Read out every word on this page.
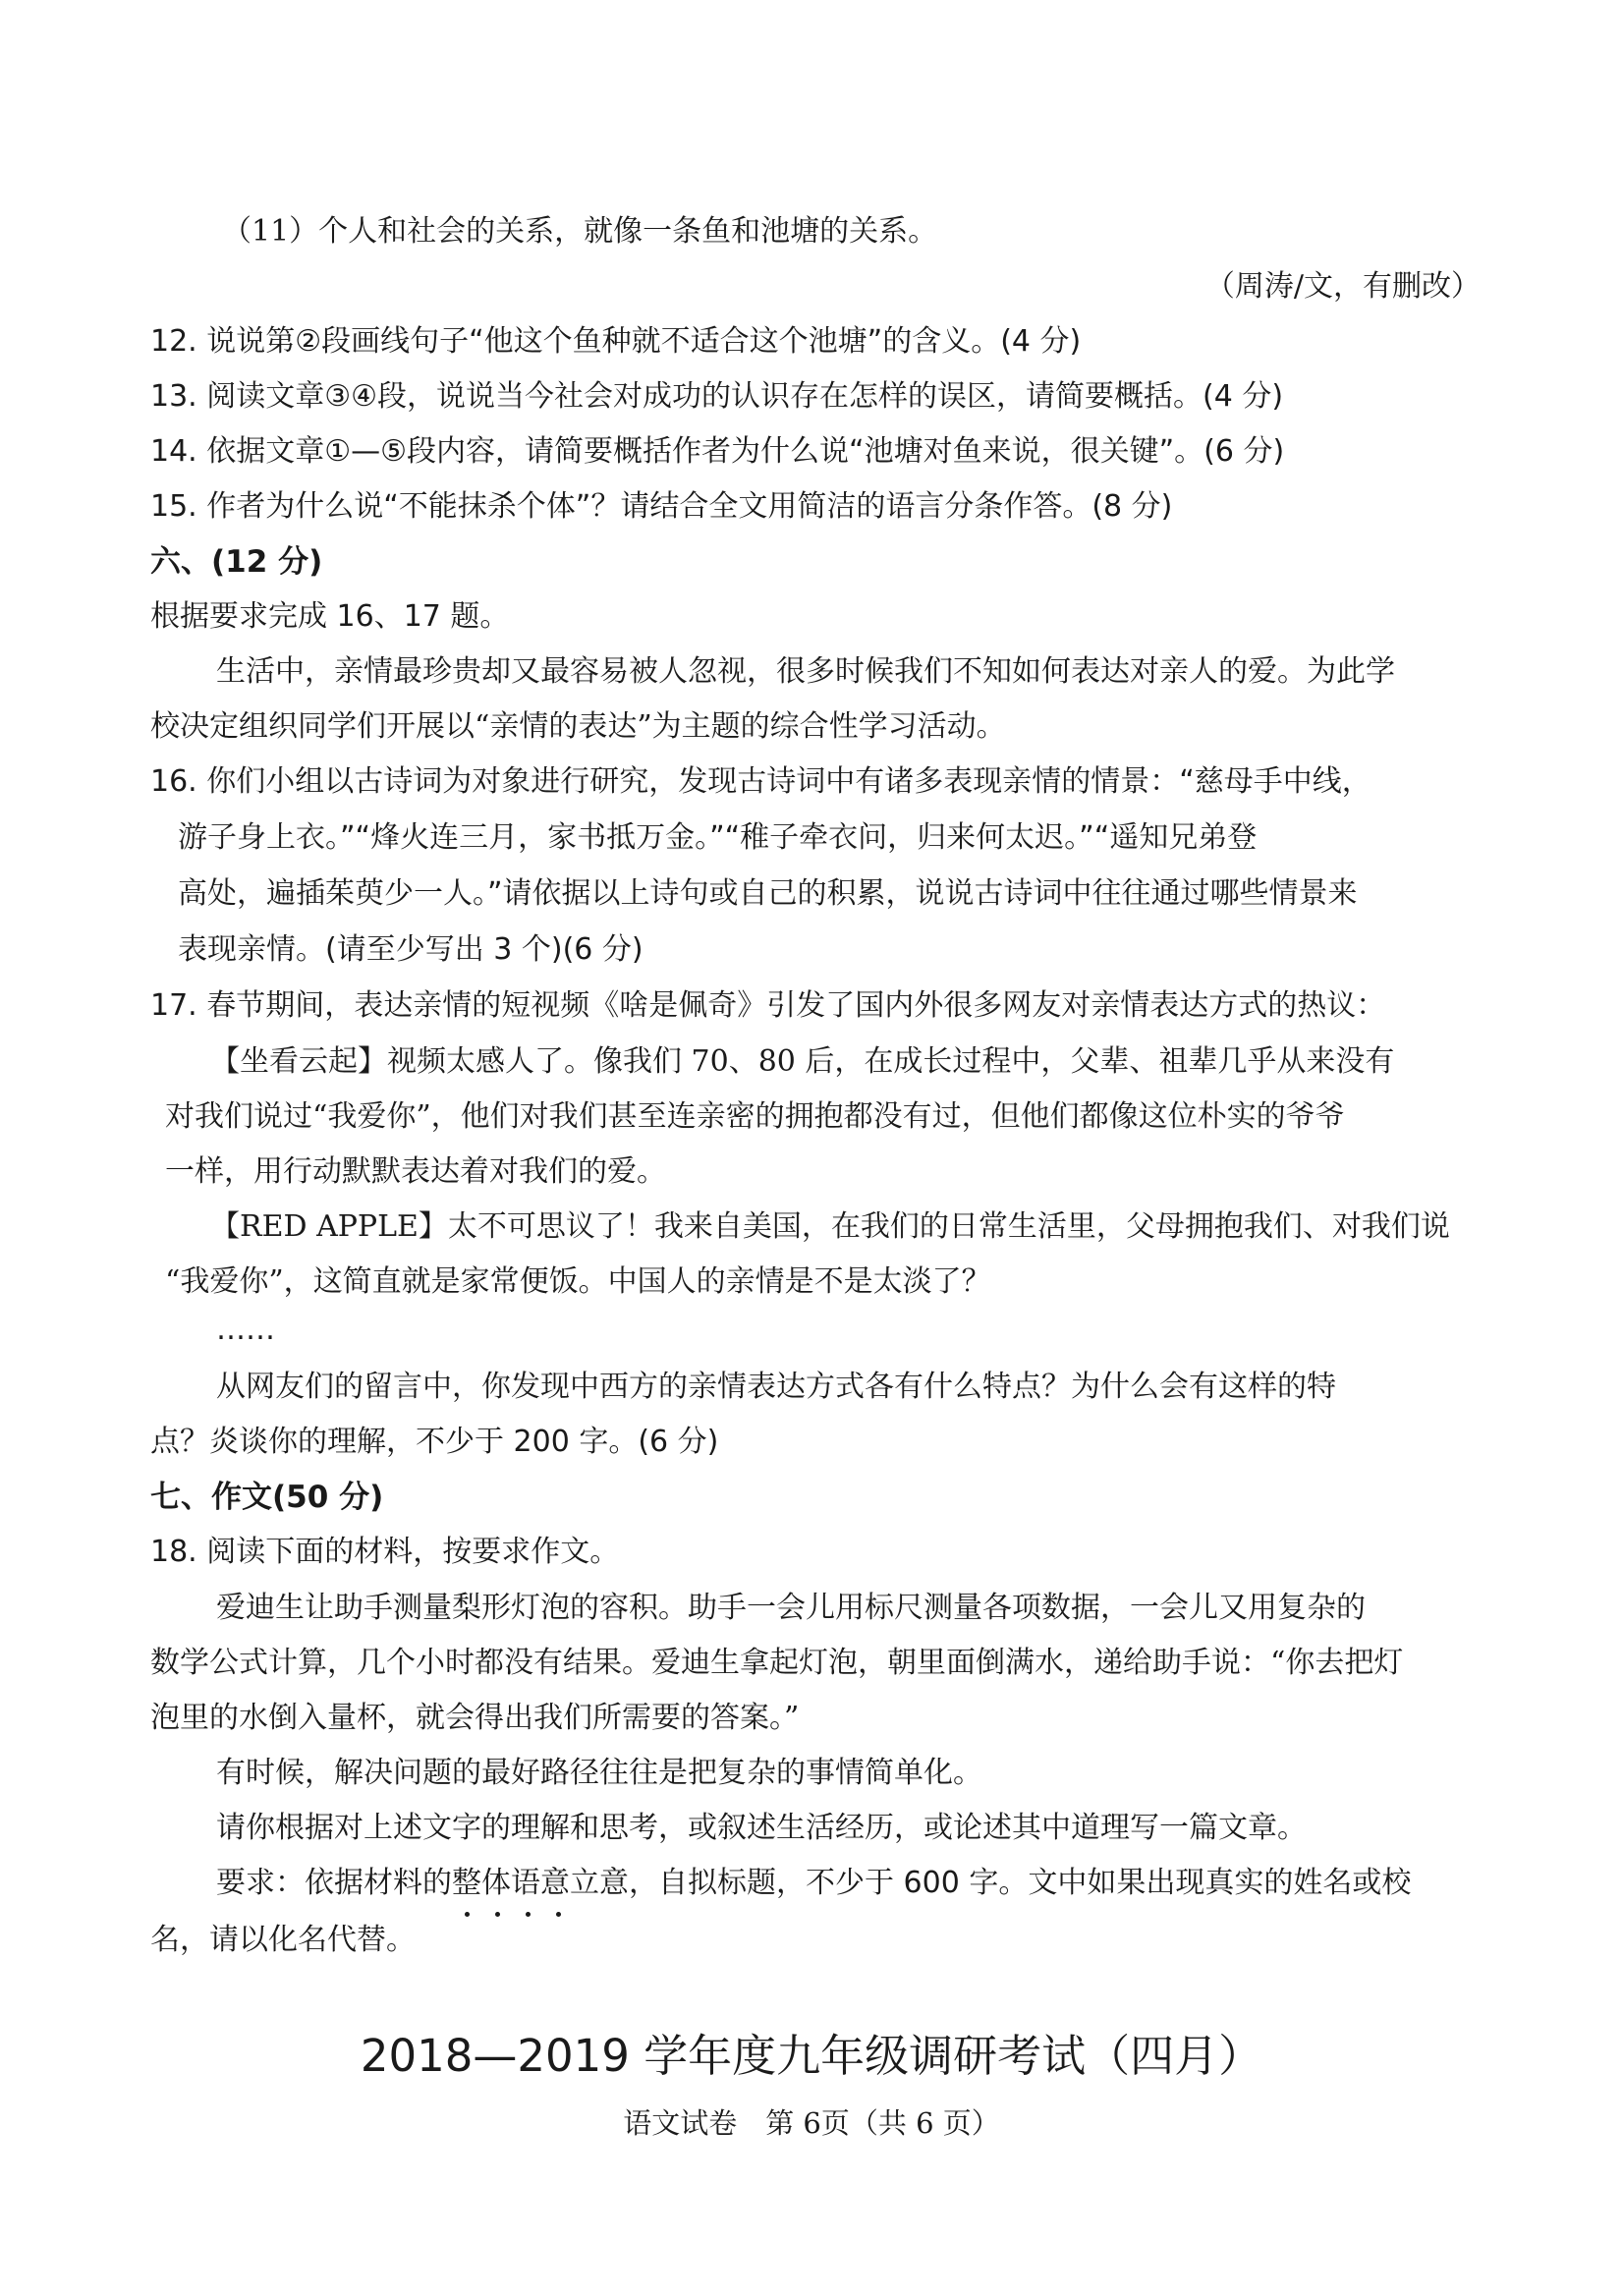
（11）个人和社会的关系，就像一条鱼和池塘的关系。
（周涛/文，有删改）
12. 说说第②段画线句子“他这个鱼种就不适合这个池塘”的含义。(4 分)
13. 阅读文章③④段，说说当今社会对成功的认识存在怎样的误区，请简要概括。(4 分)
14. 依据文章①—⑤段内容，请简要概括作者为什么说“池塘对鱼来说，很关键”。(6 分)
15. 作者为什么说“不能抹杀个体”？请结合全文用简洁的语言分条作答。(8 分)
六、(12 分)
根据要求完成 16、17 题。
生活中，亲情最珍贵却又最容易被人忽视，很多时候我们不知如何表达对亲人的爱。为此学
校决定组织同学们开展以“亲情的表达”为主题的综合性学习活动。
16. 你们小组以古诗词为对象进行研究，发现古诗词中有诸多表现亲情的情景：“慈母手中线，
游子身上衣。”“烽火连三月，家书抵万金。”“稚子牵衣问，归来何太迟。”“遥知兄弟登
高处，遍插茱萸少一人。”请依据以上诗句或自己的积累，说说古诗词中往往通过哪些情景来
表现亲情。(请至少写出 3 个)(6 分)
17. 春节期间，表达亲情的短视频《啥是佩奇》引发了国内外很多网友对亲情表达方式的热议：
【坐看云起】视频太感人了。像我们 70、80 后，在成长过程中，父辈、祖辈几乎从来没有
对我们说过“我爱你”，他们对我们甚至连亲密的拥抱都没有过，但他们都像这位朴实的爷爷
一样，用行动默默表达着对我们的爱。
【RED APPLE】太不可思议了！我来自美国，在我们的日常生活里，父母拥抱我们、对我们说
“我爱你”，这简直就是家常便饭。中国人的亲情是不是太淡了？
……
从网友们的留言中，你发现中西方的亲情表达方式各有什么特点？为什么会有这样的特
点？炎谈你的理解，不少于 200 字。(6 分)
七、作文(50 分)
18. 阅读下面的材料，按要求作文。
爱迪生让助手测量梨形灯泡的容积。助手一会儿用标尺测量各项数据，一会儿又用复杂的
数学公式计算，几个小时都没有结果。爱迪生拿起灯泡，朝里面倒满水，递给助手说：“你去把灯
泡里的水倒入量杯，就会得出我们所需要的答案。”
有时候，解决问题的最好路径往往是把复杂的事情简单化。
请你根据对上述文字的理解和思考，或叙述生活经历，或论述其中道理写一篇文章。
要求：依据材料的整体语意立意，自拟标题，不少于 600 字。文中如果出现真实的姓名或校
名，请以化名代替。
2018—2019 学年度九年级调研考试（四月）
语文试卷　第 6页（共 6 页）
